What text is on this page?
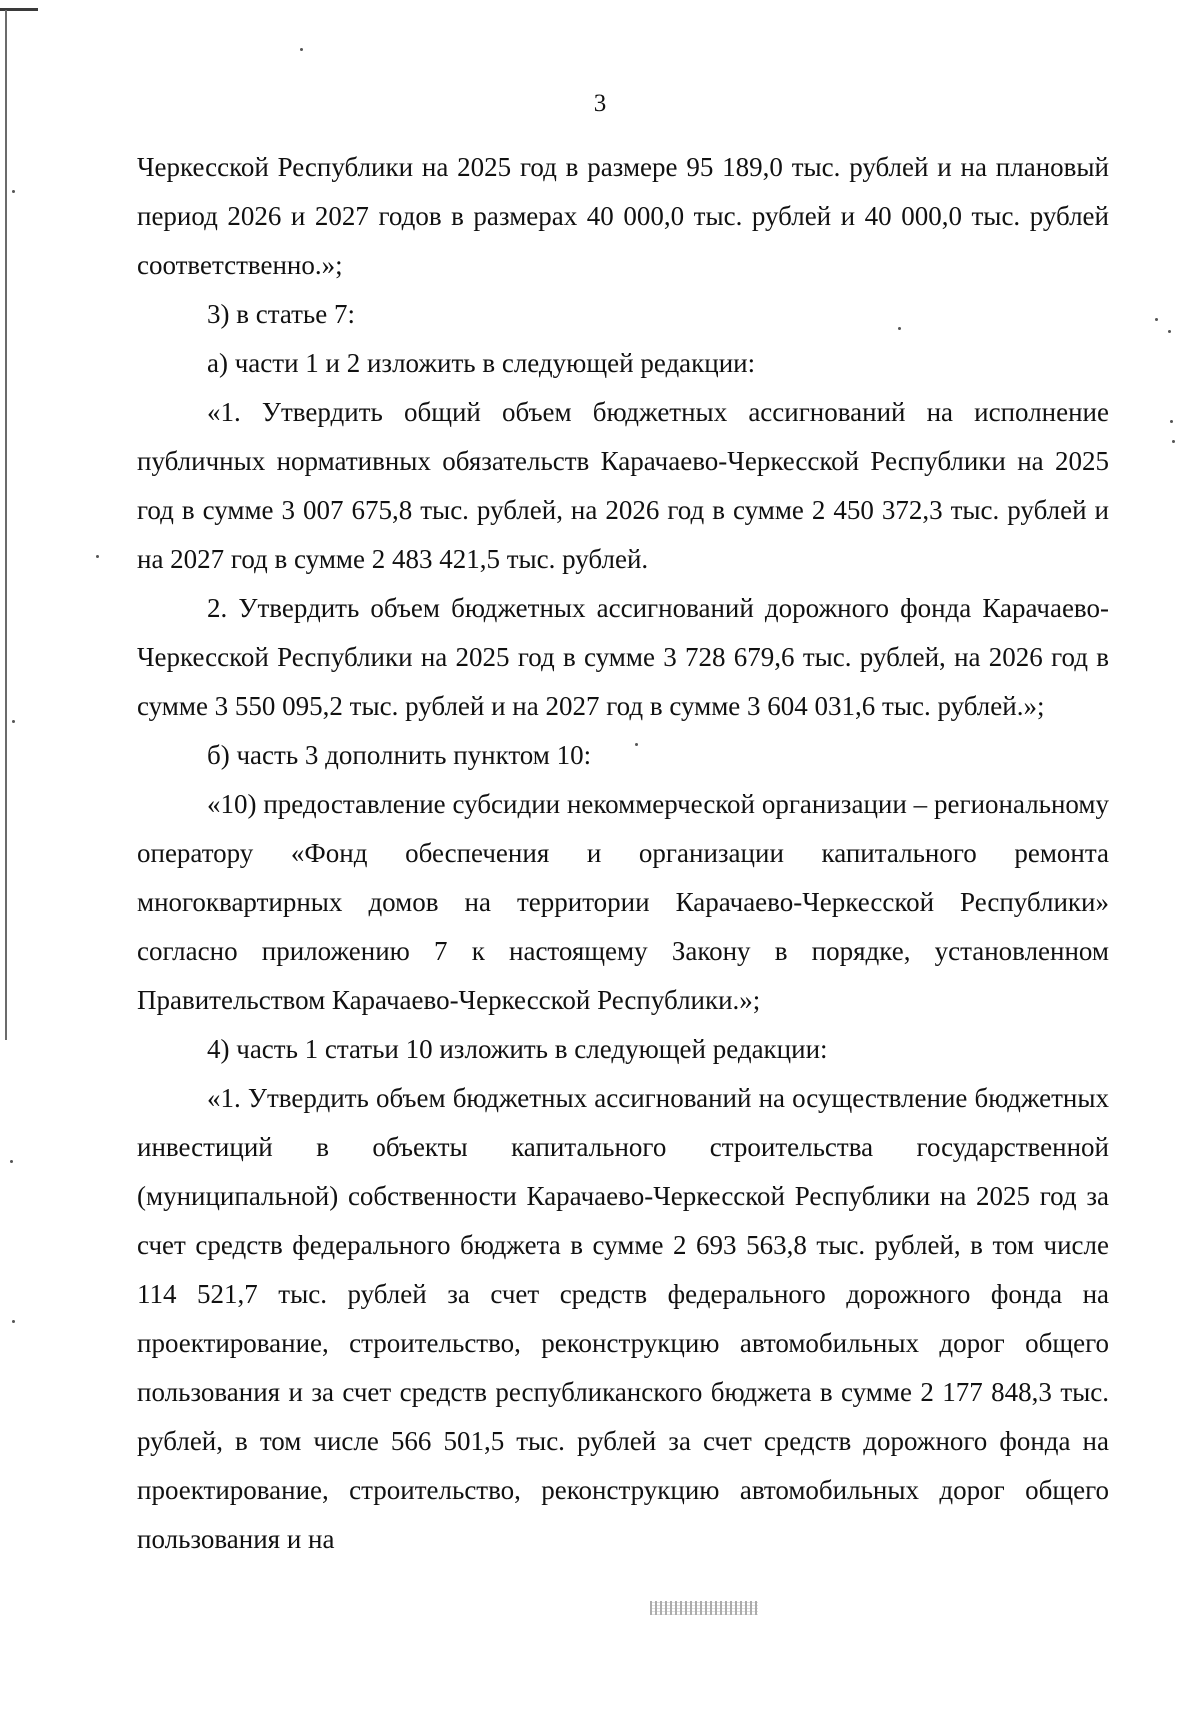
3

Черкесской Республики на 2025 год в размере 95 189,0 тыс. рублей и на плановый период 2026 и 2027 годов в размерах 40 000,0 тыс. рублей и 40 000,0 тыс. рублей соответственно.»;

3) в статье 7:

а) части 1 и 2 изложить в следующей редакции:

«1. Утвердить общий объем бюджетных ассигнований на исполнение публичных нормативных обязательств Карачаево-Черкесской Республики на 2025 год в сумме 3 007 675,8 тыс. рублей, на 2026 год в сумме 2 450 372,3 тыс. рублей и на 2027 год в сумме 2 483 421,5 тыс. рублей.

2. Утвердить объем бюджетных ассигнований дорожного фонда Карачаево-Черкесской Республики на 2025 год в сумме 3 728 679,6 тыс. рублей, на 2026 год в сумме 3 550 095,2 тыс. рублей и на 2027 год в сумме 3 604 031,6 тыс. рублей.»;

б) часть 3 дополнить пунктом 10:

«10) предоставление субсидии некоммерческой организации – региональному оператору «Фонд обеспечения и организации капитального ремонта многоквартирных домов на территории Карачаево-Черкесской Республики» согласно приложению 7 к настоящему Закону в порядке, установленном Правительством Карачаево-Черкесской Республики.»;

4) часть 1 статьи 10 изложить в следующей редакции:

«1. Утвердить объем бюджетных ассигнований на осуществление бюджетных инвестиций в объекты капитального строительства государственной (муниципальной) собственности Карачаево-Черкесской Республики на 2025 год за счет средств федерального бюджета в сумме 2 693 563,8 тыс. рублей, в том числе 114 521,7 тыс. рублей за счет средств федерального дорожного фонда на проектирование, строительство, реконструкцию автомобильных дорог общего пользования и за счет средств республиканского бюджета в сумме 2 177 848,3 тыс. рублей, в том числе 566 501,5 тыс. рублей за счет средств дорожного фонда на проектирование, строительство, реконструкцию автомобильных дорог общего пользования и на
